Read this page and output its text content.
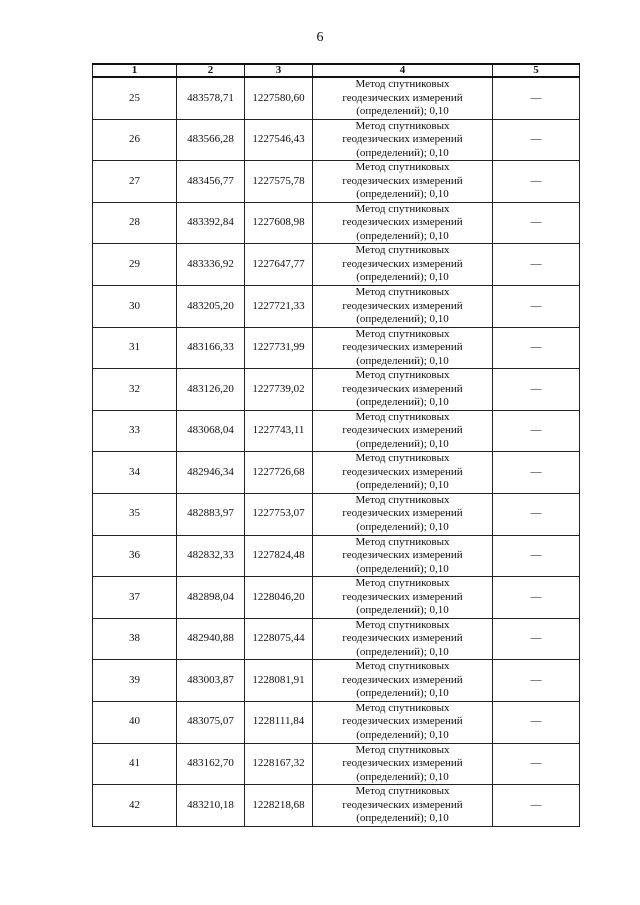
6
1	2	3	4	5
25	483578,71	1227580,60	Метод спутниковых
геодезических измерений
(определений); 0,10	—
26	483566,28	1227546,43	Метод спутниковых
геодезических измерений
(определений); 0,10	—
27	483456,77	1227575,78	Метод спутниковых
геодезических измерений
(определений); 0,10	—
28	483392,84	1227608,98	Метод спутниковых
геодезических измерений
(определений); 0,10	—
29	483336,92	1227647,77	Метод спутниковых
геодезических измерений
(определений); 0,10	—
30	483205,20	1227721,33	Метод спутниковых
геодезических измерений
(определений); 0,10	—
31	483166,33	1227731,99	Метод спутниковых
геодезических измерений
(определений); 0,10	—
32	483126,20	1227739,02	Метод спутниковых
геодезических измерений
(определений); 0,10	—
33	483068,04	1227743,11	Метод спутниковых
геодезических измерений
(определений); 0,10	—
34	482946,34	1227726,68	Метод спутниковых
геодезических измерений
(определений); 0,10	—
35	482883,97	1227753,07	Метод спутниковых
геодезических измерений
(определений); 0,10	—
36	482832,33	1227824,48	Метод спутниковых
геодезических измерений
(определений); 0,10	—
37	482898,04	1228046,20	Метод спутниковых
геодезических измерений
(определений); 0,10	—
38	482940,88	1228075,44	Метод спутниковых
геодезических измерений
(определений); 0,10	—
39	483003,87	1228081,91	Метод спутниковых
геодезических измерений
(определений); 0,10	—
40	483075,07	1228111,84	Метод спутниковых
геодезических измерений
(определений); 0,10	—
41	483162,70	1228167,32	Метод спутниковых
геодезических измерений
(определений); 0,10	—
42	483210,18	1228218,68	Метод спутниковых
геодезических измерений
(определений); 0,10	—
